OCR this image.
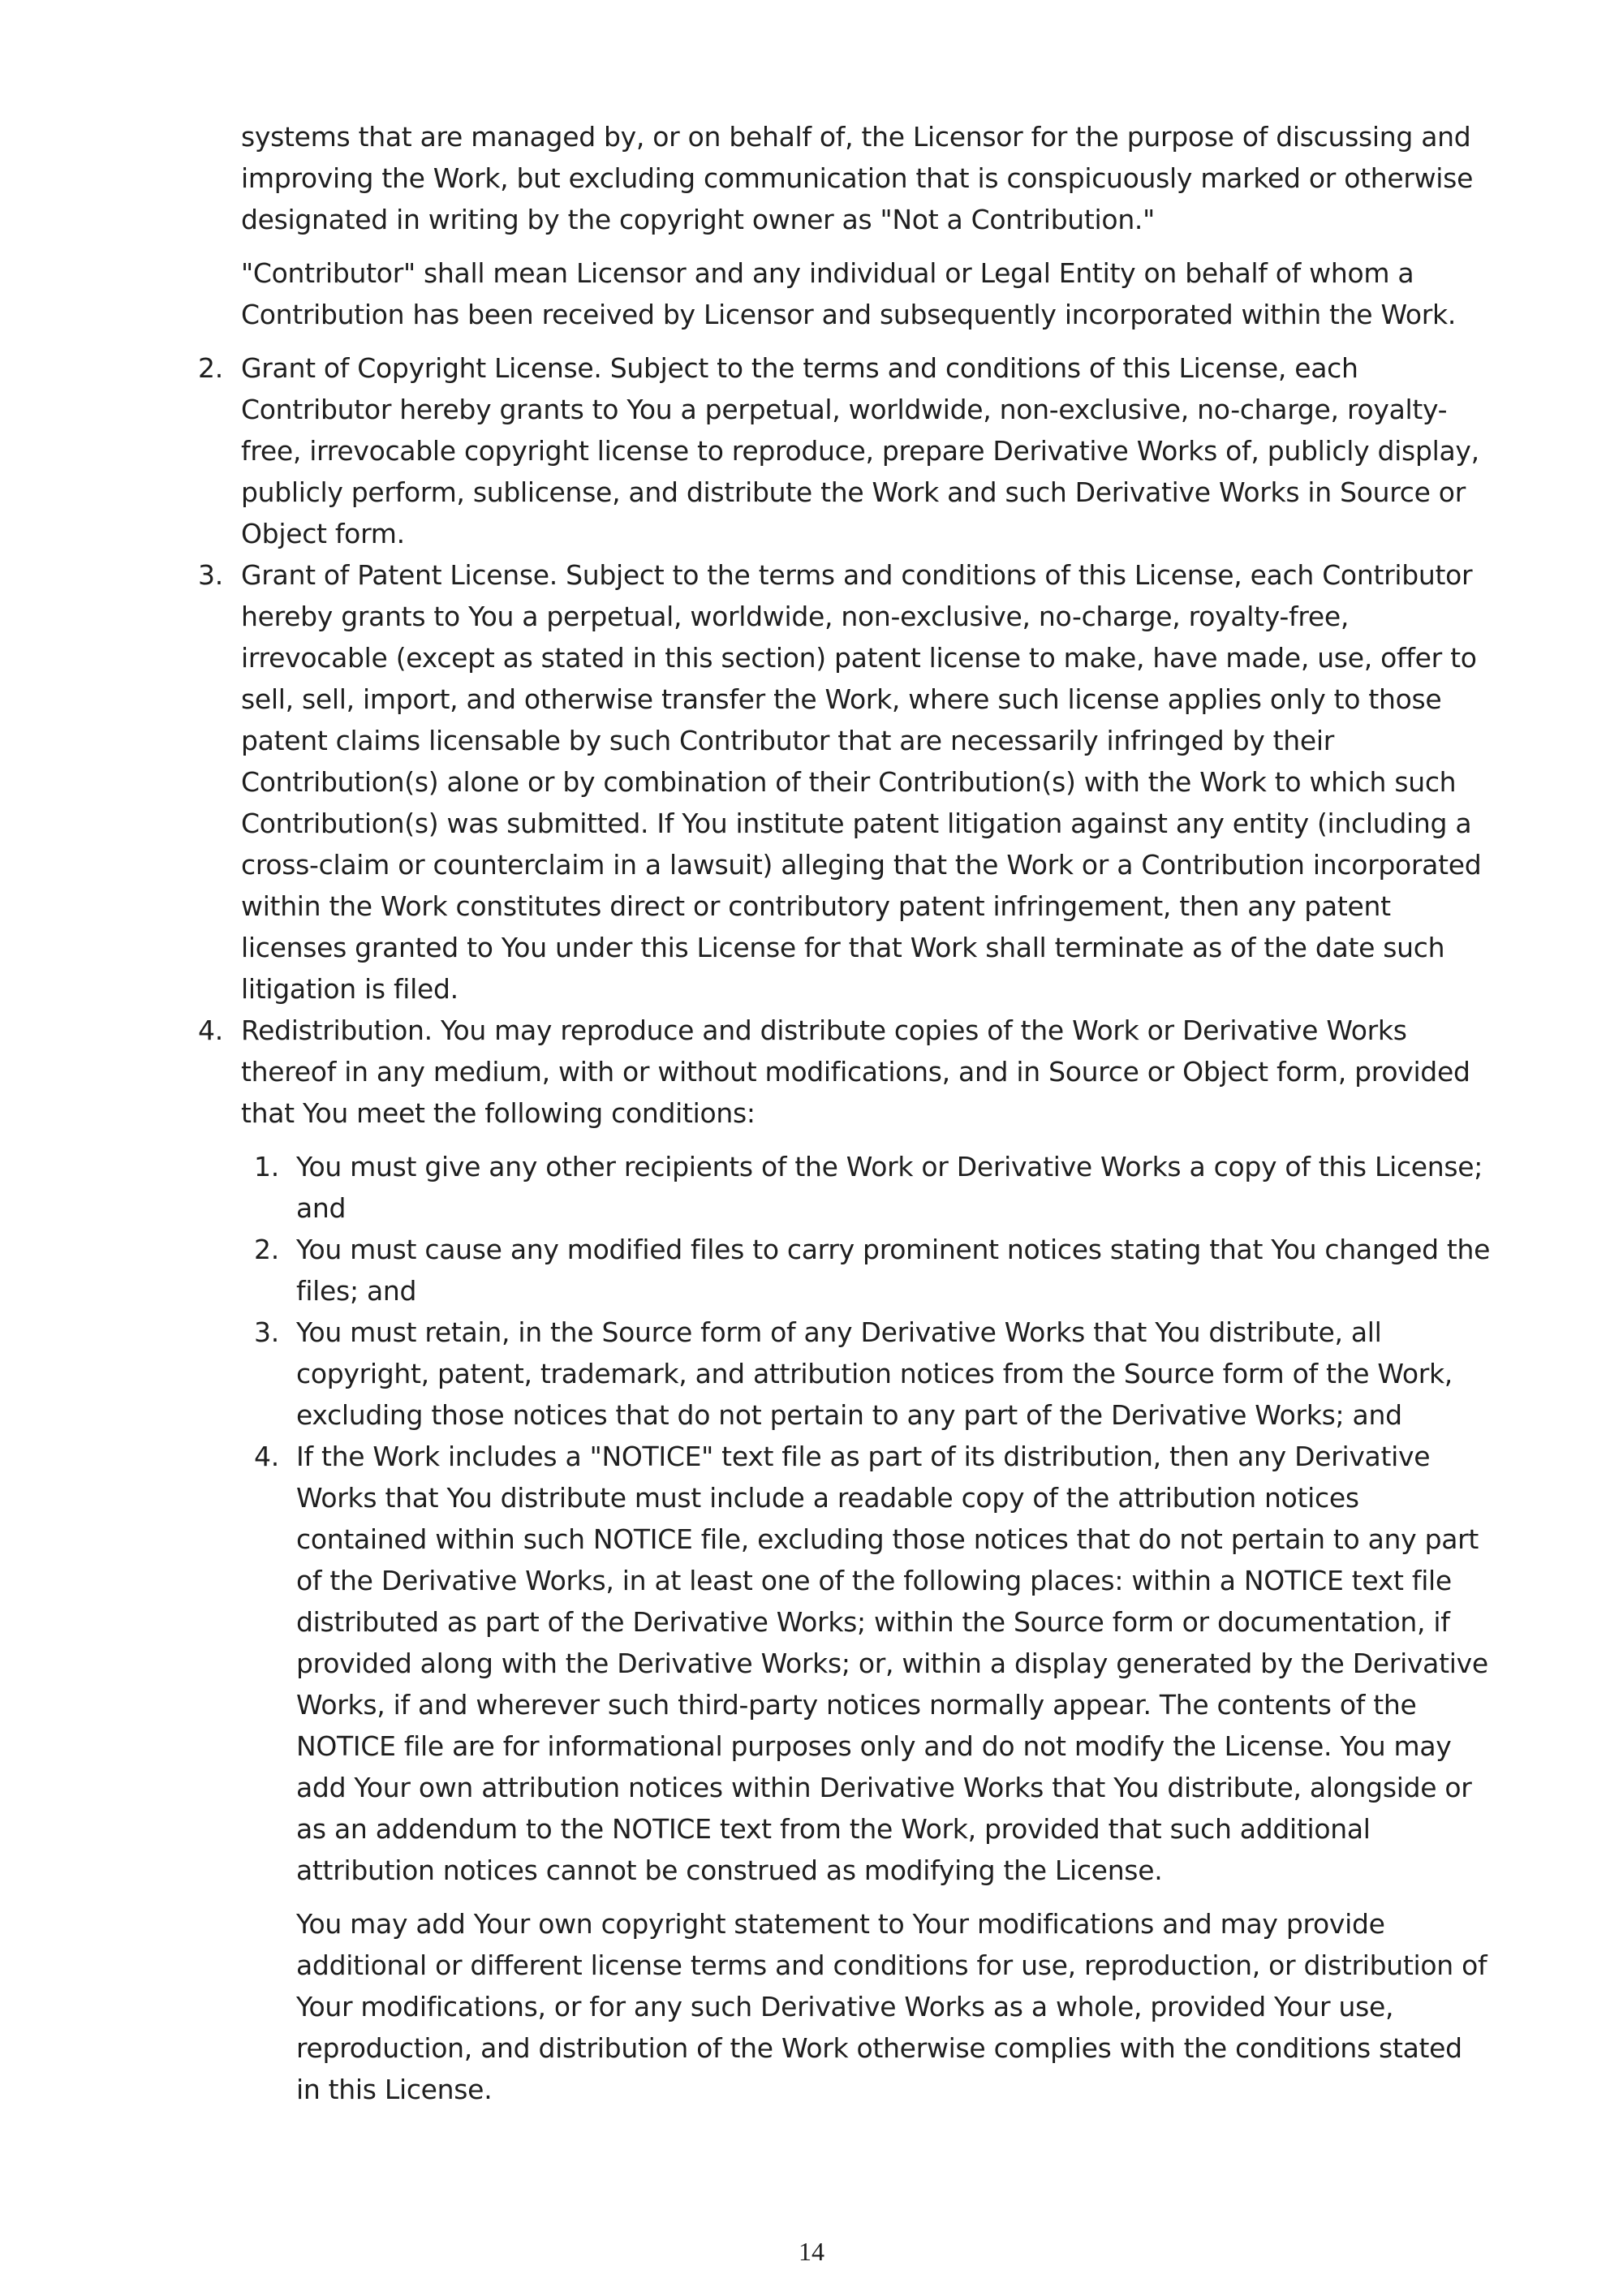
systems that are managed by, or on behalf of, the Licensor for the purpose of discussing and improving the Work, but excluding communication that is conspicuously marked or otherwise designated in writing by the copyright owner as "Not a Contribution."

"Contributor" shall mean Licensor and any individual or Legal Entity on behalf of whom a Contribution has been received by Licensor and subsequently incorporated within the Work.

2. Grant of Copyright License. Subject to the terms and conditions of this License, each Contributor hereby grants to You a perpetual, worldwide, non-exclusive, no-charge, royalty-free, irrevocable copyright license to reproduce, prepare Derivative Works of, publicly display, publicly perform, sublicense, and distribute the Work and such Derivative Works in Source or Object form.
3. Grant of Patent License. Subject to the terms and conditions of this License, each Contributor hereby grants to You a perpetual, worldwide, non-exclusive, no-charge, royalty-free, irrevocable (except as stated in this section) patent license to make, have made, use, offer to sell, sell, import, and otherwise transfer the Work, where such license applies only to those patent claims licensable by such Contributor that are necessarily infringed by their Contribution(s) alone or by combination of their Contribution(s) with the Work to which such Contribution(s) was submitted. If You institute patent litigation against any entity (including a cross-claim or counterclaim in a lawsuit) alleging that the Work or a Contribution incorporated within the Work constitutes direct or contributory patent infringement, then any patent licenses granted to You under this License for that Work shall terminate as of the date such litigation is filed.
4. Redistribution. You may reproduce and distribute copies of the Work or Derivative Works thereof in any medium, with or without modifications, and in Source or Object form, provided that You meet the following conditions:
1. You must give any other recipients of the Work or Derivative Works a copy of this License; and
2. You must cause any modified files to carry prominent notices stating that You changed the files; and
3. You must retain, in the Source form of any Derivative Works that You distribute, all copyright, patent, trademark, and attribution notices from the Source form of the Work, excluding those notices that do not pertain to any part of the Derivative Works; and
4. If the Work includes a "NOTICE" text file as part of its distribution, then any Derivative Works that You distribute must include a readable copy of the attribution notices contained within such NOTICE file, excluding those notices that do not pertain to any part of the Derivative Works, in at least one of the following places: within a NOTICE text file distributed as part of the Derivative Works; within the Source form or documentation, if provided along with the Derivative Works; or, within a display generated by the Derivative Works, if and wherever such third-party notices normally appear. The contents of the NOTICE file are for informational purposes only and do not modify the License. You may add Your own attribution notices within Derivative Works that You distribute, alongside or as an addendum to the NOTICE text from the Work, provided that such additional attribution notices cannot be construed as modifying the License.

You may add Your own copyright statement to Your modifications and may provide additional or different license terms and conditions for use, reproduction, or distribution of Your modifications, or for any such Derivative Works as a whole, provided Your use, reproduction, and distribution of the Work otherwise complies with the conditions stated in this License.

14
